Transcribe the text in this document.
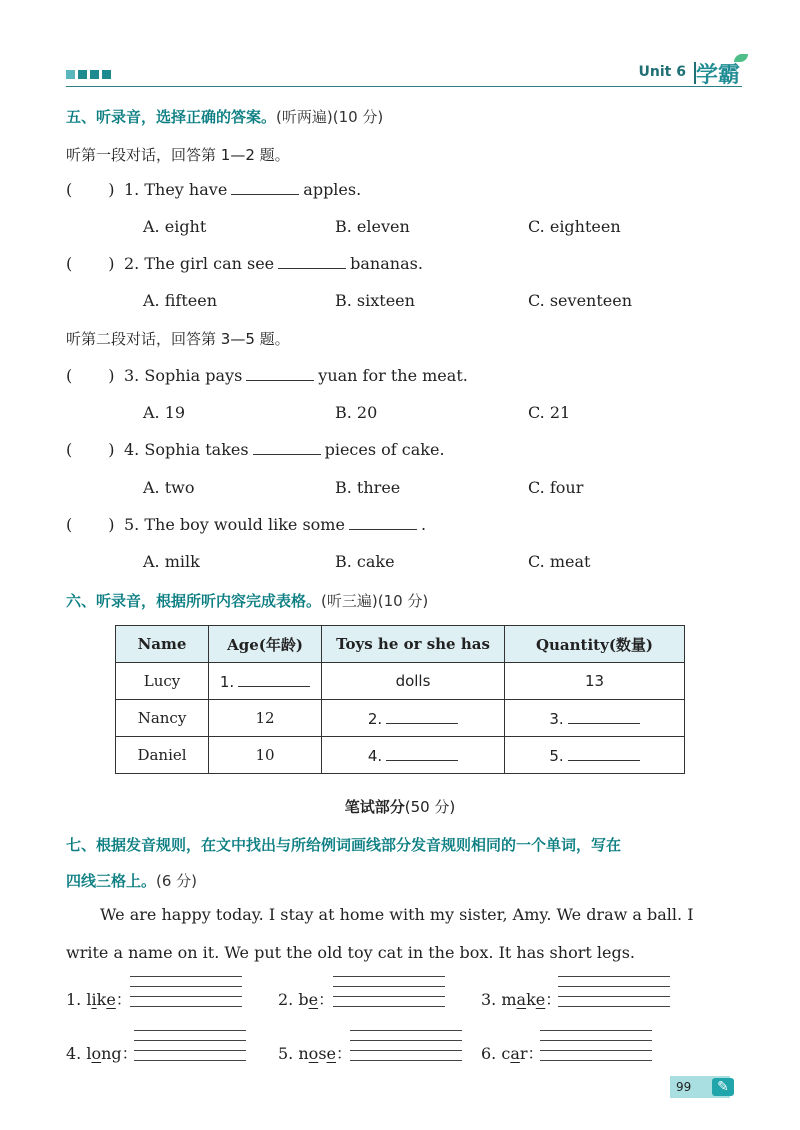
Unit 6 学霸
五、听录音，选择正确的答案。(听两遍)(10 分)
听第一段对话，回答第 1—2 题。
( ) 1. They have	apples.
A. eight	B. eleven	C. eighteen
( ) 2. The girl can see	bananas.
A. fifteen	B. sixteen	C. seventeen
听第二段对话，回答第 3—5 题。
( ) 3. Sophia pays	yuan for the meat.
A. 19	B. 20	C. 21
( ) 4. Sophia takes	pieces of cake.
A. two	B. three	C. four
( ) 5. The boy would like some	.
A. milk	B. cake	C. meat
六、听录音，根据所听内容完成表格。(听三遍)(10 分)
Name	Age(年龄)	Toys he or she has	Quantity(数量)
Lucy	1.	dolls	13
Nancy	12	2.	3.
Daniel	10	4.	5.
笔试部分(50 分)
七、根据发音规则，在文中找出与所给例词画线部分发音规则相同的一个单词，写在
四线三格上。(6 分)
We are happy today. I stay at home with my sister, Amy. We draw a ball. I
write a name on it. We put the old toy cat in the box. It has short legs.
1. like：	2. be：	3. make：
4. long：	5. nose：	6. car：
99	✎
